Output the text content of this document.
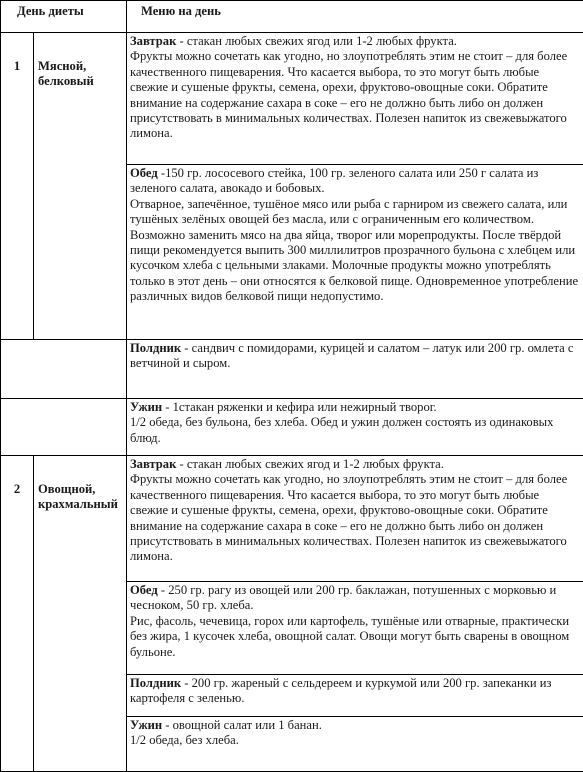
День диеты		Меню на день
1	Мясной, белковый	Завтрак - стакан любых свежих ягод или 1-2 любых фрукта.
Фрукты можно сочетать как угодно, но злоупотреблять этим не стоит – для более качественного пищеварения. Что касается выбора, то это могут быть любые свежие и сушеные фрукты, семена, орехи, фруктово-овощные соки. Обратите внимание на содержание сахара в соке – его не должно быть либо он должен присутствовать в минимальных количествах. Полезен напиток из свежевыжатого лимона.

		Обед -150 гр. лососевого стейка, 100 гр. зеленого салата или 250 г салата из зеленого салата, авокадо и бобовых.
Отварное, запечённое, тушёное мясо или рыба с гарниром из свежего салата, или тушёных зелёных овощей без масла, или с ограниченным его количеством. Возможно заменить мясо на два яйца, творог или морепродукты. После твёрдой пищи рекомендуется выпить 300 миллилитров прозрачного бульона с хлебцем или кусочком хлеба с цельными злаками. Молочные продукты можно употреблять только в этот день – они относятся к белковой пище. Одновременное употребление различных видов белковой пищи недопустимо.

		Полдник - сандвич с помидорами, курицей и салатом – латук или 200 гр. омлета с ветчиной и сыром.
		Ужин - 1стакан ряженки и кефира или нежирный творог.
1/2 обеда, без бульона, без хлеба. Обед и ужин должен состоять из одинаковых блюд.

2	Овощной, крахмальный	Завтрак - стакан любых свежих ягод и 1-2 любых фрукта.
Фрукты можно сочетать как угодно, но злоупотреблять этим не стоит – для более качественного пищеварения. Что касается выбора, то это могут быть любые свежие и сушеные фрукты, семена, орехи, фруктово-овощные соки. Обратите внимание на содержание сахара в соке – его не должно быть либо он должен присутствовать в минимальных количествах. Полезен напиток из свежевыжатого лимона.

		Обед - 250 гр. рагу из овощей или 200 гр. баклажан, потушенных с морковью и чесноком, 50 гр. хлеба.
Рис, фасоль, чечевица, горох или картофель, тушёные или отварные, практически без жира, 1 кусочек хлеба, овощной салат. Овощи могут быть сварены в овощном бульоне.

		Полдник - 200 гр. жареный с сельдереем и куркумой или 200 гр. запеканки из картофеля с зеленью.
		Ужин - овощной салат или 1 банан.
1/2 обеда, без хлеба.
